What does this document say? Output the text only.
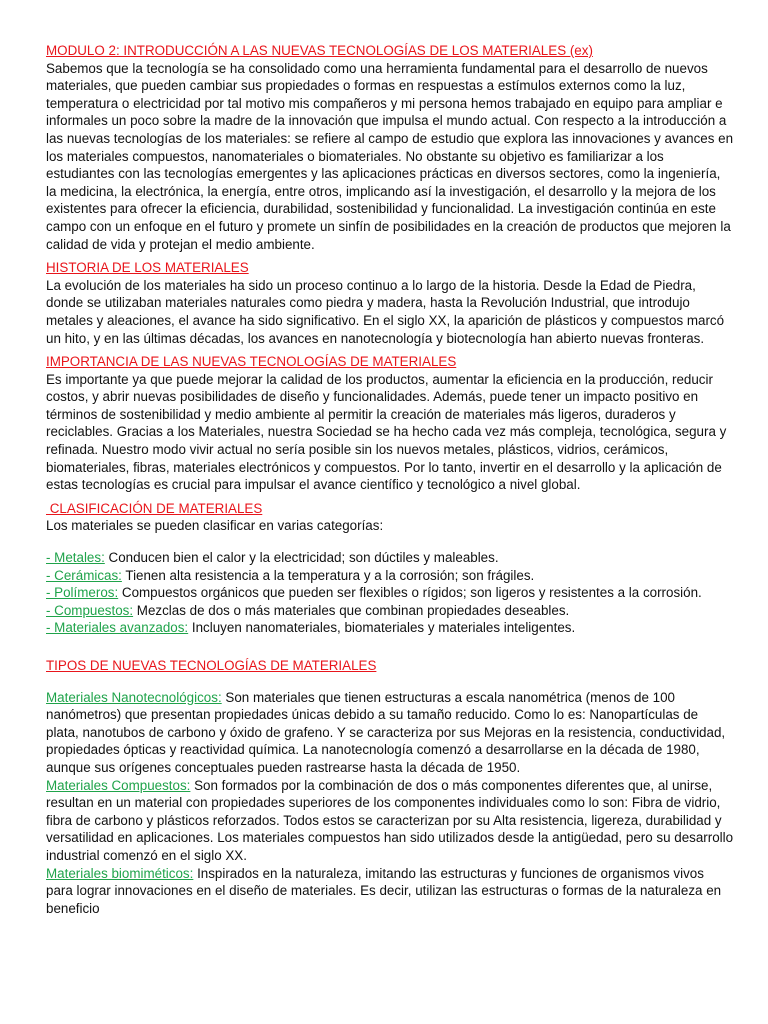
MODULO 2: INTRODUCCIÓN A LAS NUEVAS TECNOLOGÍAS DE LOS MATERIALES (ex)

Sabemos que la tecnología se ha consolidado como una herramienta fundamental para el desarrollo de nuevos materiales, que pueden cambiar sus propiedades o formas en respuestas a estímulos externos como la luz, temperatura o electricidad por tal motivo mis compañeros y mi persona hemos trabajado en equipo para ampliar e informales un poco sobre la madre de la innovación que impulsa el mundo actual. Con respecto a la introducción a las nuevas tecnologías de los materiales: se refiere al campo de estudio que explora las innovaciones y avances en los materiales compuestos, nanomateriales o biomateriales. No obstante su objetivo es familiarizar a los estudiantes con las tecnologías emergentes y las aplicaciones prácticas en diversos sectores, como la ingeniería, la medicina, la electrónica, la energía, entre otros, implicando así la investigación, el desarrollo y la mejora de los existentes para ofrecer la eficiencia, durabilidad, sostenibilidad y funcionalidad. La investigación continúa en este campo con un enfoque en el futuro y promete un sinfín de posibilidades en la creación de productos que mejoren la calidad de vida y protejan el medio ambiente.

HISTORIA DE LOS MATERIALES

La evolución de los materiales ha sido un proceso continuo a lo largo de la historia. Desde la Edad de Piedra, donde se utilizaban materiales naturales como piedra y madera, hasta la Revolución Industrial, que introdujo metales y aleaciones, el avance ha sido significativo. En el siglo XX, la aparición de plásticos y compuestos marcó un hito, y en las últimas décadas, los avances en nanotecnología y biotecnología han abierto nuevas fronteras.

IMPORTANCIA DE LAS NUEVAS TECNOLOGÍAS DE MATERIALES

Es importante ya que puede mejorar la calidad de los productos, aumentar la eficiencia en la producción, reducir costos, y abrir nuevas posibilidades de diseño y funcionalidades. Además, puede tener un impacto positivo en términos de sostenibilidad y medio ambiente al permitir la creación de materiales más ligeros, duraderos y reciclables. Gracias a los Materiales, nuestra Sociedad se ha hecho cada vez más compleja, tecnológica, segura y refinada. Nuestro modo vivir actual no sería posible sin los nuevos metales, plásticos, vidrios, cerámicos, biomateriales, fibras, materiales electrónicos y compuestos. Por lo tanto, invertir en el desarrollo y la aplicación de estas tecnologías es crucial para impulsar el avance científico y tecnológico a nivel global.

CLASIFICACIÓN DE MATERIALES

Los materiales se pueden clasificar en varias categorías:

- Metales: Conducen bien el calor y la electricidad; son dúctiles y maleables.
- Cerámicas: Tienen alta resistencia a la temperatura y a la corrosión; son frágiles.
- Polímeros: Compuestos orgánicos que pueden ser flexibles o rígidos; son ligeros y resistentes a la corrosión.
- Compuestos: Mezclas de dos o más materiales que combinan propiedades deseables.
- Materiales avanzados: Incluyen nanomateriales, biomateriales y materiales inteligentes.
TIPOS DE NUEVAS TECNOLOGÍAS DE MATERIALES

Materiales Nanotecnológicos: Son materiales que tienen estructuras a escala nanométrica (menos de 100 nanómetros) que presentan propiedades únicas debido a su tamaño reducido. Como lo es: Nanopartículas de plata, nanotubos de carbono y óxido de grafeno. Y se caracteriza por sus Mejoras en la resistencia, conductividad, propiedades ópticas y reactividad química. La nanotecnología comenzó a desarrollarse en la década de 1980, aunque sus orígenes conceptuales pueden rastrearse hasta la década de 1950.

Materiales Compuestos: Son formados por la combinación de dos o más componentes diferentes que, al unirse, resultan en un material con propiedades superiores de los componentes individuales como lo son: Fibra de vidrio, fibra de carbono y plásticos reforzados. Todos estos se caracterizan por su Alta resistencia, ligereza, durabilidad y versatilidad en aplicaciones. Los materiales compuestos han sido utilizados desde la antigüedad, pero su desarrollo industrial comenzó en el siglo XX.

Materiales biomiméticos: Inspirados en la naturaleza, imitando las estructuras y funciones de organismos vivos para lograr innovaciones en el diseño de materiales. Es decir, utilizan las estructuras o formas de la naturaleza en beneficio
